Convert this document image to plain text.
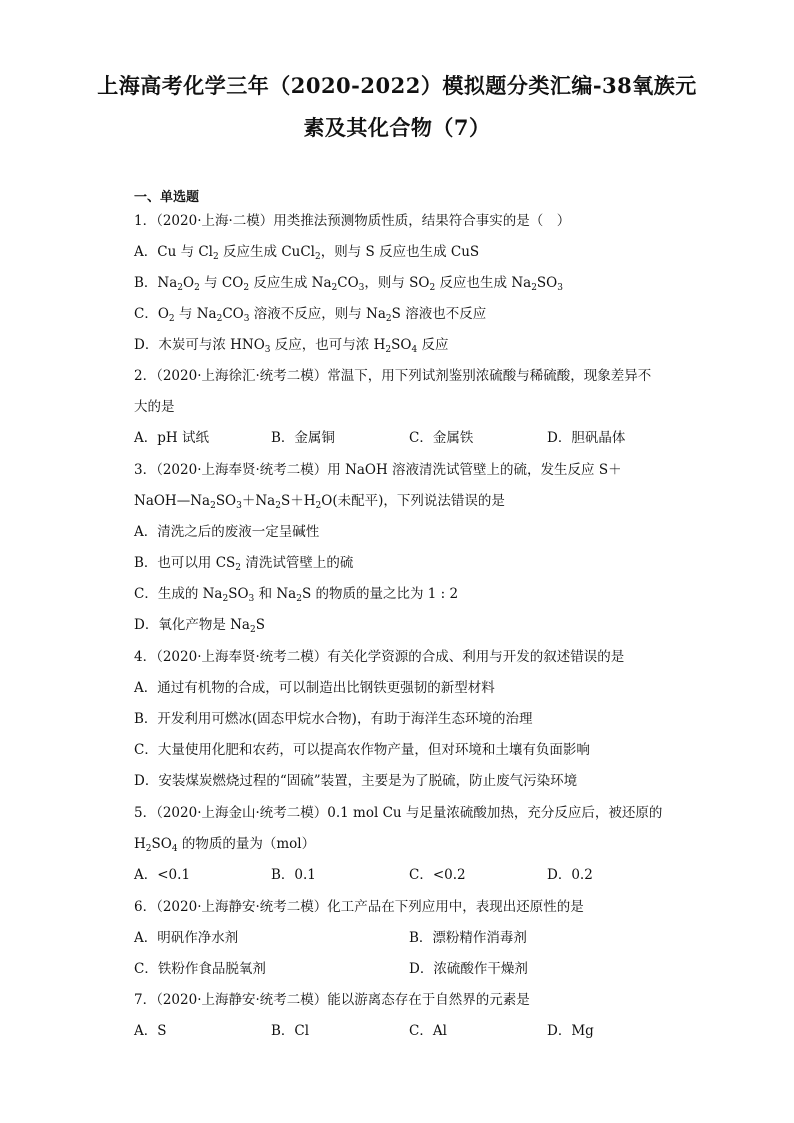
上海高考化学三年（2020-2022）模拟题分类汇编-38氧族元
素及其化合物（7）
一、单选题
1．（2020·上海·二模）用类推法预测物质性质，结果符合事实的是（　）
A．Cu 与 $Cl_2$ 反应生成 CuCl$_2$，则与 S 反应也生成 CuS
B．$Na_2O_2$ 与 $CO_2$ 反应生成 $Na_2CO_3$，则与 $SO_2$ 反应也生成 $Na_2SO_3$
C．$O_2$ 与 $Na_2CO_3$ 溶液不反应，则与 $Na_2S$ 溶液也不反应
D．木炭可与浓 $HNO_3$ 反应，也可与浓 $H_2SO_4$ 反应
2．（2020·上海徐汇·统考二模）常温下，用下列试剂鉴别浓硫酸与稀硫酸，现象差异不
大的是
A．pH 试纸	B．金属铜	C．金属铁	D．胆矾晶体
3．（2020·上海奉贤·统考二模）用 NaOH 溶液清洗试管壁上的硫，发生反应 S＋
$NaOH—Na_2SO_3+Na_2S+H_2O$(未配平)，下列说法错误的是
A．清洗之后的废液一定呈碱性
B．也可以用 $CS_2$ 清洗试管壁上的硫
C．生成的 $Na_2SO_3$ 和 $Na_2S$ 的物质的量之比为 1 : 2
D．氧化产物是 $Na_2S$
4．（2020·上海奉贤·统考二模）有关化学资源的合成、利用与开发的叙述错误的是
A．通过有机物的合成，可以制造出比钢铁更强韧的新型材料
B．开发利用可燃冰(固态甲烷水合物)，有助于海洋生态环境的治理
C．大量使用化肥和农药，可以提高农作物产量，但对环境和土壤有负面影响
D．安装煤炭燃烧过程的“固硫”装置，主要是为了脱硫，防止废气污染环境
5．（2020·上海金山·统考二模）0.1 mol Cu 与足量浓硫酸加热，充分反应后，被还原的
$H_2SO_4$ 的物质的量为（mol）
A．<0.1	B．0.1	C．<0.2	D．0.2
6．（2020·上海静安·统考二模）化工产品在下列应用中，表现出还原性的是
A．明矾作净水剂	B．漂粉精作消毒剂
C．铁粉作食品脱氧剂	D．浓硫酸作干燥剂
7．（2020·上海静安·统考二模）能以游离态存在于自然界的元素是
A．S	B．Cl	C．Al	D．Mg
